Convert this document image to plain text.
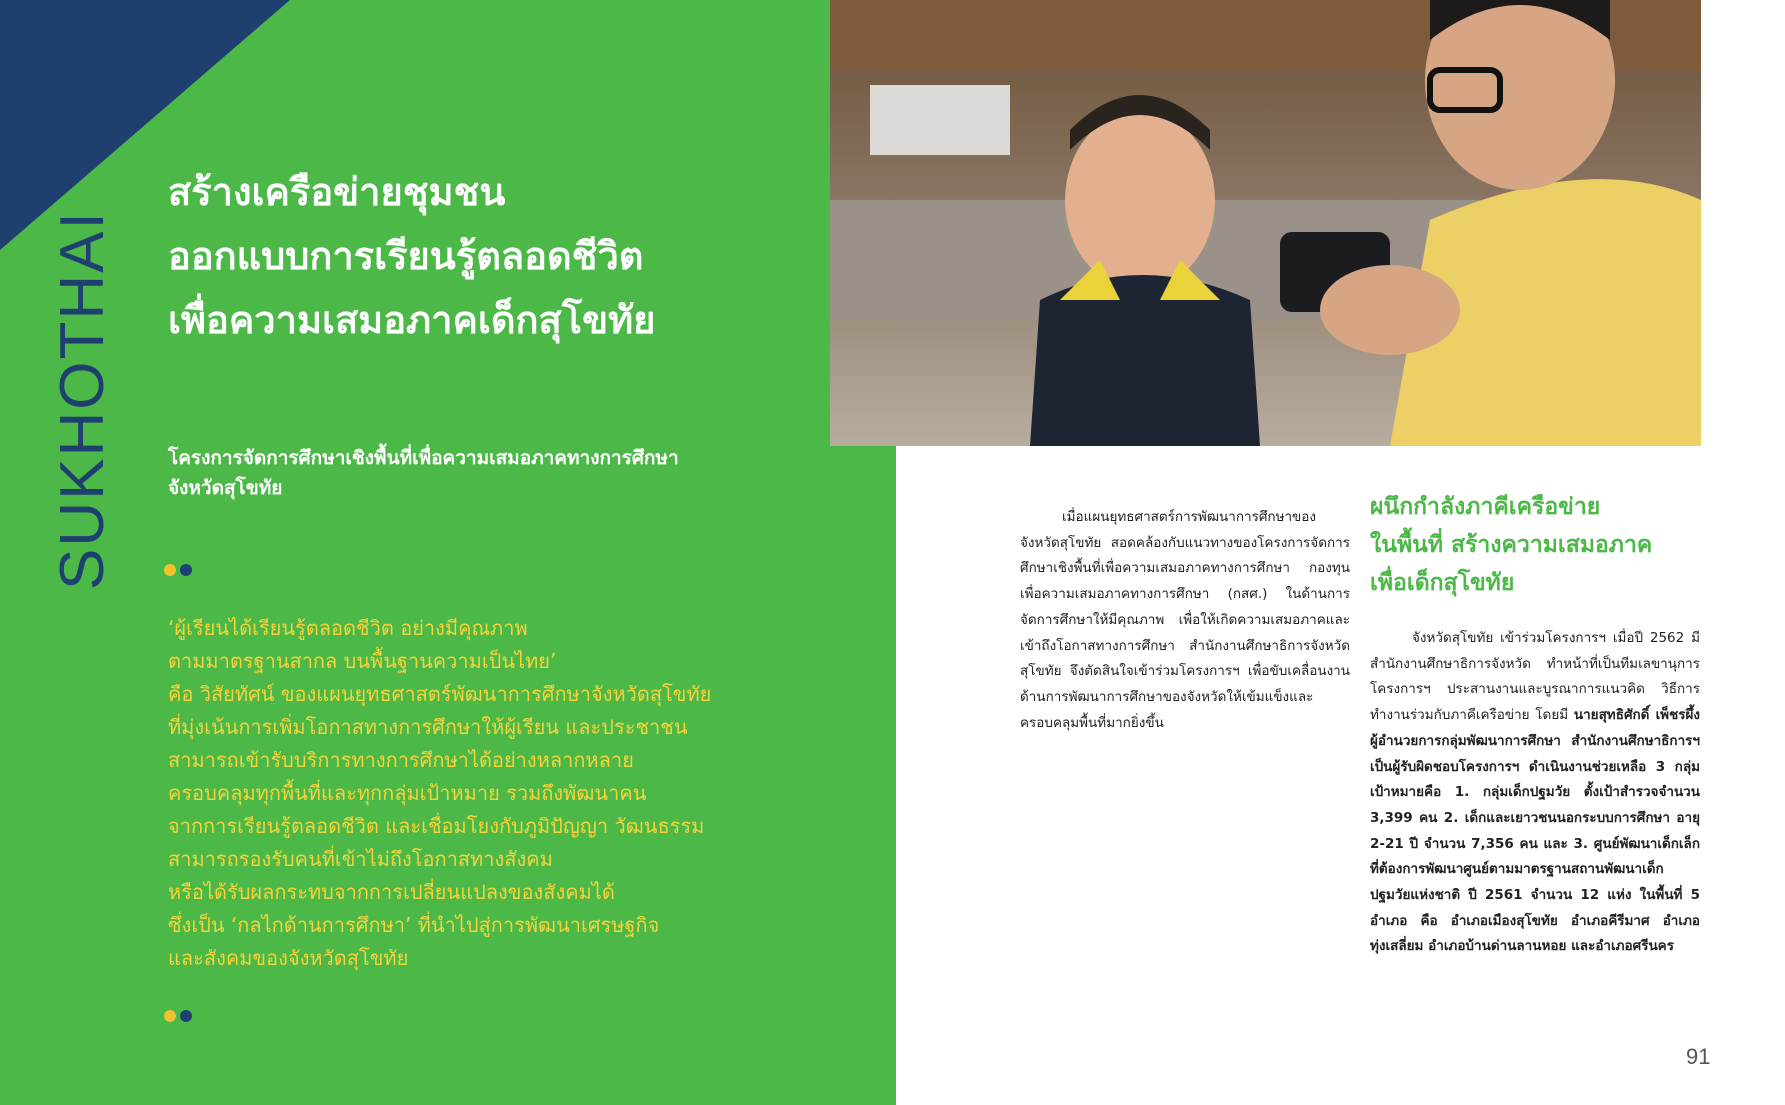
SUKHOTHAI
สร้างเครือข่ายชุมชน
ออกแบบการเรียนรู้ตลอดชีวิต
เพื่อความเสมอภาคเด็กสุโขทัย
โครงการจัดการศึกษาเชิงพื้นที่เพื่อความเสมอภาคทางการศึกษา
จังหวัดสุโขทัย
‘ผู้เรียนได้เรียนรู้ตลอดชีวิต อย่างมีคุณภาพ
ตามมาตรฐานสากล บนพื้นฐานความเป็นไทย’
คือ วิสัยทัศน์ ของแผนยุทธศาสตร์พัฒนาการศึกษาจังหวัดสุโขทัย
ที่มุ่งเน้นการเพิ่มโอกาสทางการศึกษาให้ผู้เรียน และประชาชน
สามารถเข้ารับบริการทางการศึกษาได้อย่างหลากหลาย
ครอบคลุมทุกพื้นที่และทุกกลุ่มเป้าหมาย รวมถึงพัฒนาคน
จากการเรียนรู้ตลอดชีวิต และเชื่อมโยงกับภูมิปัญญา วัฒนธรรม
สามารถรองรับคนที่เข้าไม่ถึงโอกาสทางสังคม
หรือได้รับผลกระทบจากการเปลี่ยนแปลงของสังคมได้
ซึ่งเป็น ‘กลไกด้านการศึกษา’ ที่นำไปสู่การพัฒนาเศรษฐกิจ
และสังคมของจังหวัดสุโขทัย

เมื่อแผนยุทธศาสตร์การพัฒนาการศึกษาของจังหวัดสุโขทัย สอดคล้องกับแนวทางของโครงการจัดการศึกษาเชิงพื้นที่เพื่อความเสมอภาคทางการศึกษา กองทุนเพื่อความเสมอภาคทางการศึกษา (กสศ.) ในด้านการจัดการศึกษาให้มีคุณภาพ เพื่อให้เกิดความเสมอภาคและเข้าถึงโอกาสทางการศึกษา สำนักงานศึกษาธิการจังหวัดสุโขทัย จึงตัดสินใจเข้าร่วมโครงการฯ เพื่อขับเคลื่อนงานด้านการพัฒนาการศึกษาของจังหวัดให้เข้มแข็งและครอบคลุมพื้นที่มากยิ่งขึ้น

ผนึกกำลังภาคีเครือข่าย
ในพื้นที่ สร้างความเสมอภาค
เพื่อเด็กสุโขทัย

จังหวัดสุโขทัย เข้าร่วมโครงการฯ เมื่อปี 2562 มีสำนักงานศึกษาธิการจังหวัด ทำหน้าที่เป็นทีมเลขานุการโครงการฯ ประสานงานและบูรณาการแนวคิด วิธีการทำงานร่วมกับภาคีเครือข่าย โดยมี นายสุทธิศักดิ์ เพ็ชรผึ้ง ผู้อำนวยการกลุ่มพัฒนาการศึกษา สำนักงานศึกษาธิการฯ เป็นผู้รับผิดชอบโครงการฯ ดำเนินงานช่วยเหลือ 3 กลุ่มเป้าหมายคือ 1. กลุ่มเด็กปฐมวัย ตั้งเป้าสำรวจจำนวน 3,399 คน 2. เด็กและเยาวชนนอกระบบการศึกษา อายุ 2-21 ปี จำนวน 7,356 คน และ 3. ศูนย์พัฒนาเด็กเล็กที่ต้องการพัฒนาศูนย์ตามมาตรฐานสถานพัฒนาเด็กปฐมวัยแห่งชาติ ปี 2561 จำนวน 12 แห่ง ในพื้นที่ 5 อำเภอ คือ อำเภอเมืองสุโขทัย อำเภอคีรีมาศ อำเภอทุ่งเสลี่ยม อำเภอบ้านด่านลานหอย และอำเภอศรีนคร

91
